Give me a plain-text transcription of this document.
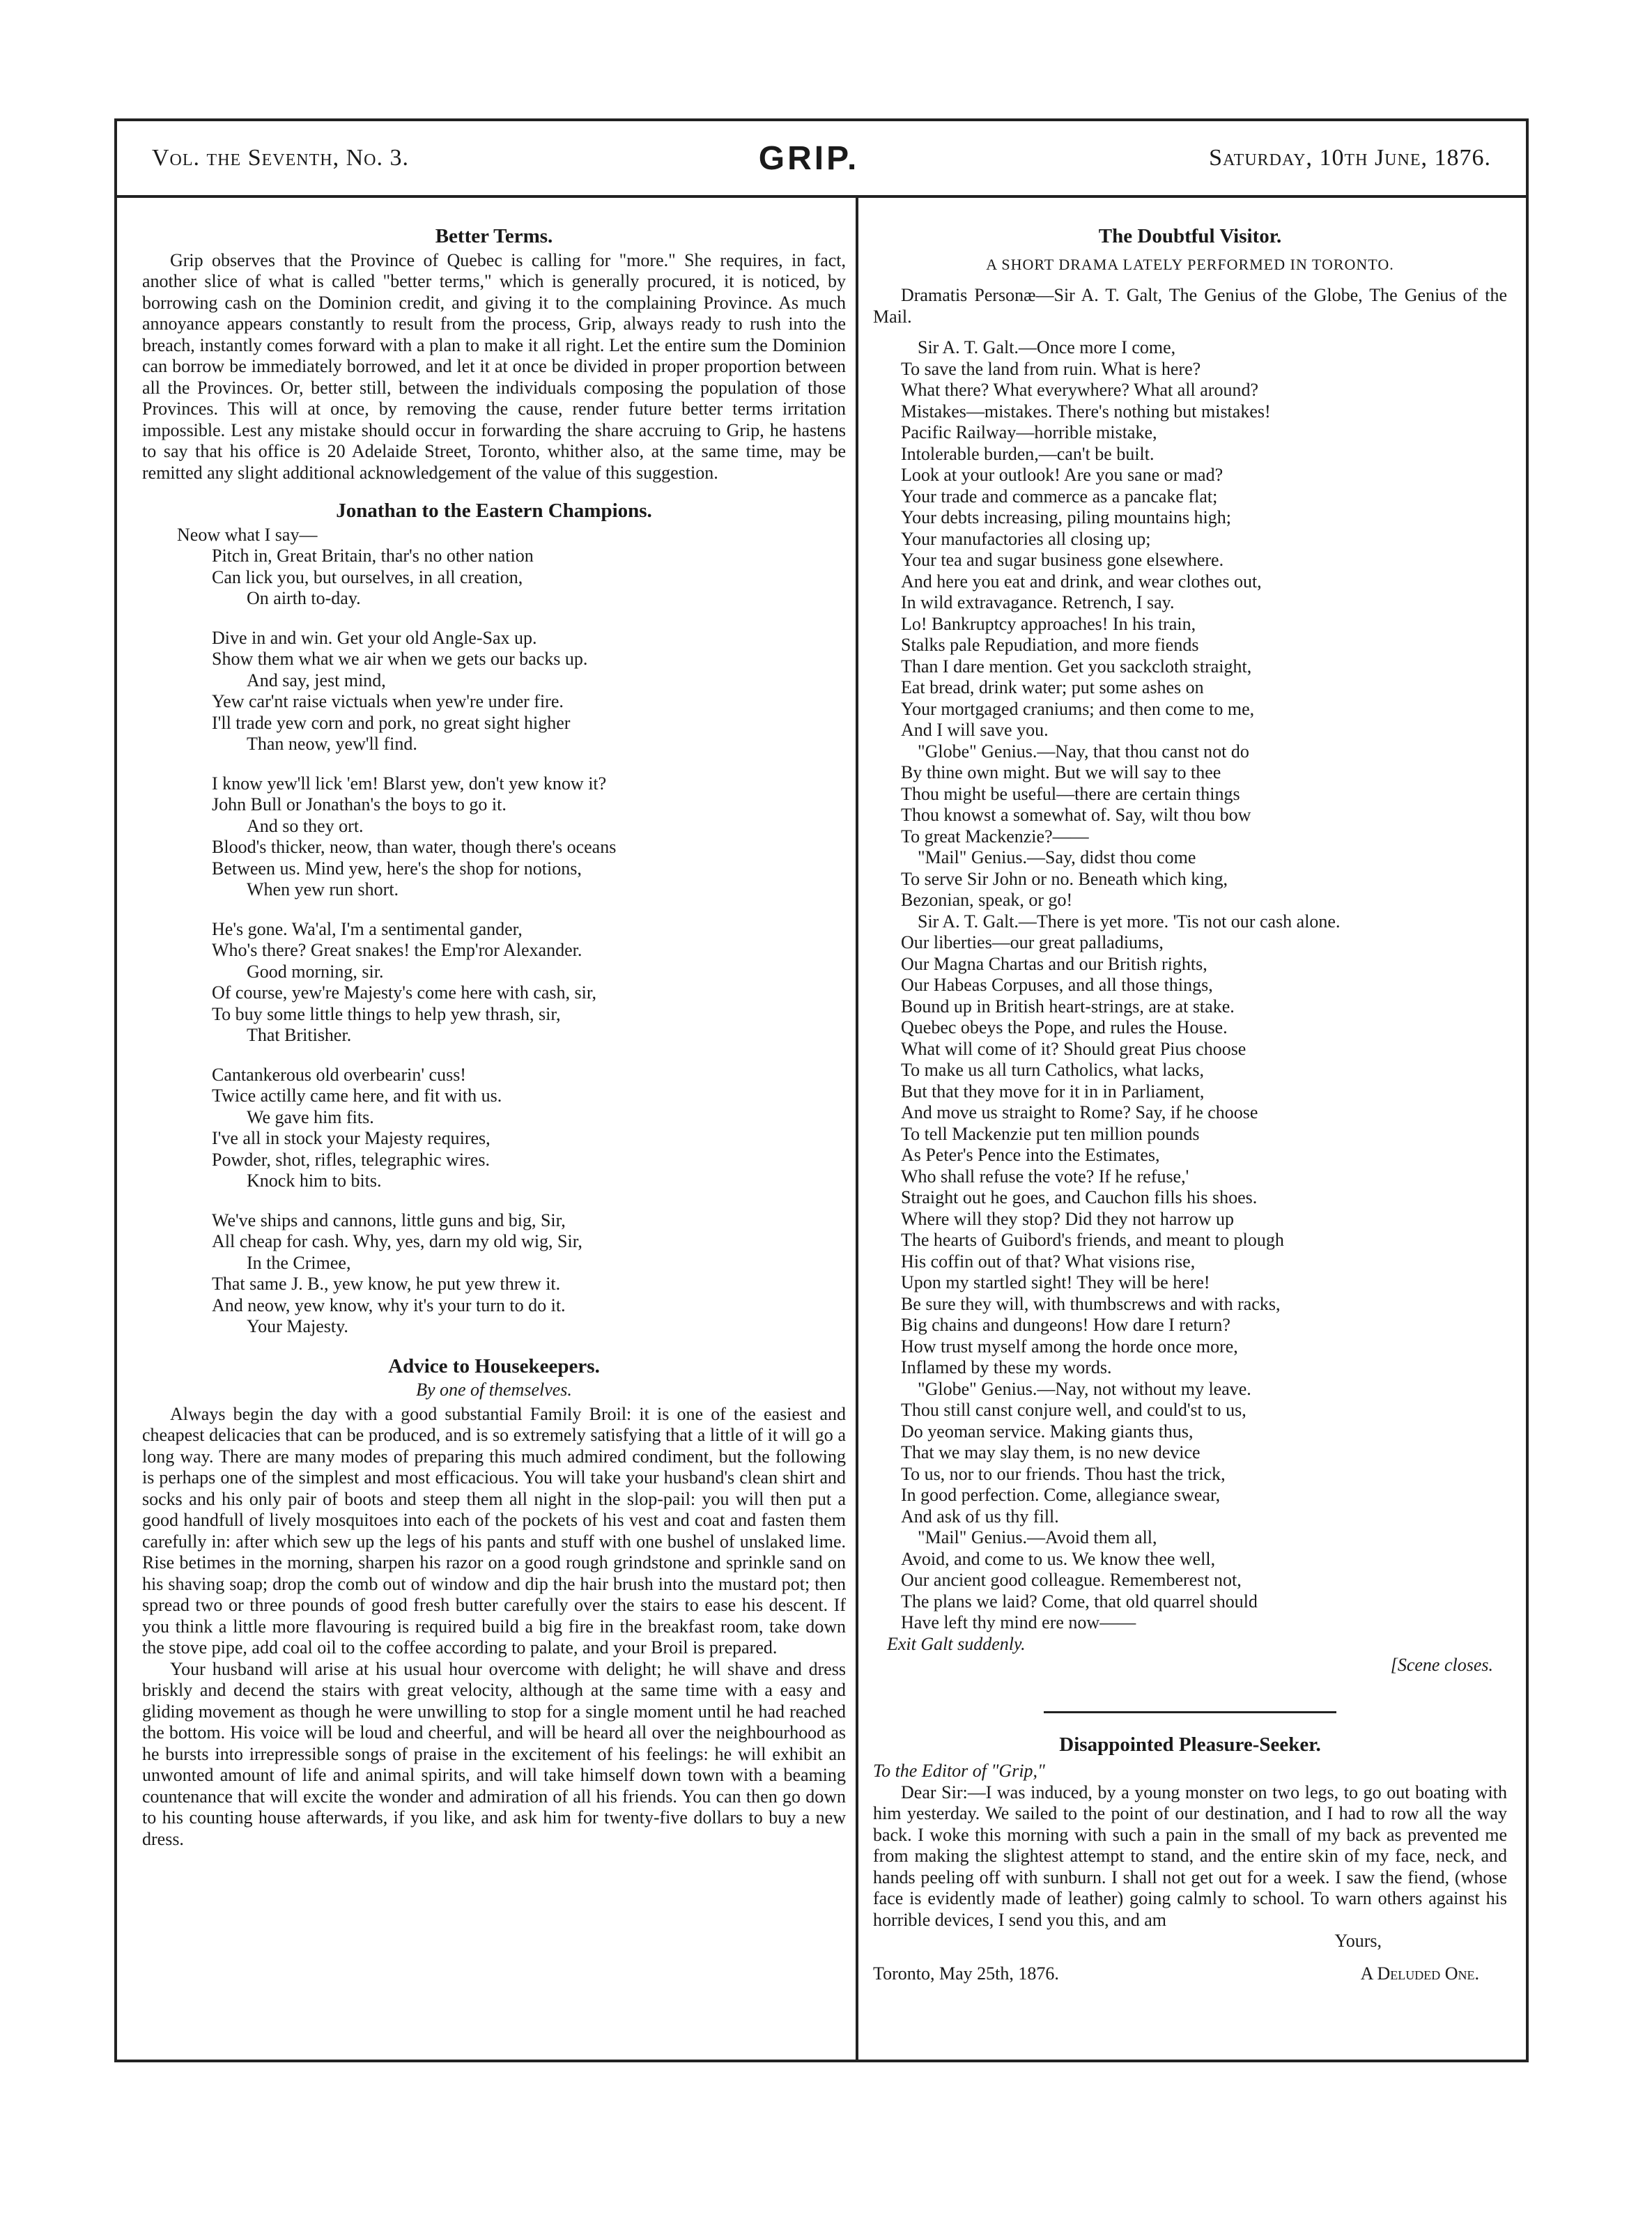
Vol. the Seventh, No. 3.	GRIP.	Saturday, 10th June, 1876.
Better Terms.

Grip observes that the Province of Quebec is calling for "more." She requires, in fact, another slice of what is called "better terms," which is generally procured, it is noticed, by borrowing cash on the Dominion credit, and giving it to the complaining Province. As much annoyance appears constantly to result from the process, Grip, always ready to rush into the breach, instantly comes forward with a plan to make it all right. Let the entire sum the Dominion can borrow be immediately borrowed, and let it at once be divided in proper proportion between all the Provinces. Or, better still, between the individuals composing the population of those Provinces. This will at once, by removing the cause, render future better terms irritation impossible. Lest any mistake should occur in forwarding the share accruing to Grip, he hastens to say that his office is 20 Adelaide Street, Toronto, whither also, at the same time, may be remitted any slight additional acknowledgement of the value of this suggestion.

Jonathan to the Eastern Champions.
Neow what I say—
Pitch in, Great Britain, thar's no other nation
Can lick you, but ourselves, in all creation,
On airth to-day.
Dive in and win. Get your old Angle-Sax up.
Show them what we air when we gets our backs up.
And say, jest mind,
Yew car'nt raise victuals when yew're under fire.
I'll trade yew corn and pork, no great sight higher
Than neow, yew'll find.
I know yew'll lick 'em! Blarst yew, don't yew know it?
John Bull or Jonathan's the boys to go it.
And so they ort.
Blood's thicker, neow, than water, though there's oceans
Between us. Mind yew, here's the shop for notions,
When yew run short.
He's gone. Wa'al, I'm a sentimental gander,
Who's there? Great snakes! the Emp'ror Alexander.
Good morning, sir.
Of course, yew're Majesty's come here with cash, sir,
To buy some little things to help yew thrash, sir,
That Britisher.
Cantankerous old overbearin' cuss!
Twice actilly came here, and fit with us.
We gave him fits.
I've all in stock your Majesty requires,
Powder, shot, rifles, telegraphic wires.
Knock him to bits.
We've ships and cannons, little guns and big, Sir,
All cheap for cash. Why, yes, darn my old wig, Sir,
In the Crimee,
That same J. B., yew know, he put yew threw it.
And neow, yew know, why it's your turn to do it.
Your Majesty.
Advice to Housekeepers.
By one of themselves.

Always begin the day with a good substantial Family Broil: it is one of the easiest and cheapest delicacies that can be produced, and is so extremely satisfying that a little of it will go a long way. There are many modes of preparing this much admired condiment, but the following is perhaps one of the simplest and most efficacious. You will take your husband's clean shirt and socks and his only pair of boots and steep them all night in the slop-pail: you will then put a good handfull of lively mosquitoes into each of the pockets of his vest and coat and fasten them carefully in: after which sew up the legs of his pants and stuff with one bushel of unslaked lime. Rise betimes in the morning, sharpen his razor on a good rough grindstone and sprinkle sand on his shaving soap; drop the comb out of window and dip the hair brush into the mustard pot; then spread two or three pounds of good fresh butter carefully over the stairs to ease his descent. If you think a little more flavouring is required build a big fire in the breakfast room, take down the stove pipe, add coal oil to the coffee according to palate, and your Broil is prepared.

Your husband will arise at his usual hour overcome with delight; he will shave and dress briskly and decend the stairs with great velocity, although at the same time with a easy and gliding movement as though he were unwilling to stop for a single moment until he had reached the bottom. His voice will be loud and cheerful, and will be heard all over the neighbourhood as he bursts into irrepressible songs of praise in the excitement of his feelings: he will exhibit an unwonted amount of life and animal spirits, and will take himself down town with a beaming countenance that will excite the wonder and admiration of all his friends. You can then go down to his counting house afterwards, if you like, and ask him for twenty-five dollars to buy a new dress.

The Doubtful Visitor.
A SHORT DRAMA LATELY PERFORMED IN TORONTO.

Dramatis Personæ—Sir A. T. Galt, The Genius of the Globe, The Genius of the Mail.

Sir A. T. Galt.—Once more I come,
To save the land from ruin. What is here?
What there? What everywhere? What all around?
Mistakes—mistakes. There's nothing but mistakes!
Pacific Railway—horrible mistake,
Intolerable burden,—can't be built.
Look at your outlook! Are you sane or mad?
Your trade and commerce as a pancake flat;
Your debts increasing, piling mountains high;
Your manufactories all closing up;
Your tea and sugar business gone elsewhere.
And here you eat and drink, and wear clothes out,
In wild extravagance. Retrench, I say.
Lo! Bankruptcy approaches! In his train,
Stalks pale Repudiation, and more fiends
Than I dare mention. Get you sackcloth straight,
Eat bread, drink water; put some ashes on
Your mortgaged craniums; and then come to me,
And I will save you.
"Globe" Genius.—Nay, that thou canst not do
By thine own might. But we will say to thee
Thou might be useful—there are certain things
Thou knowst a somewhat of. Say, wilt thou bow
To great Mackenzie?——
"Mail" Genius.—Say, didst thou come
To serve Sir John or no. Beneath which king,
Bezonian, speak, or go!
Sir A. T. Galt.—There is yet more. 'Tis not our cash alone.
Our liberties—our great palladiums,
Our Magna Chartas and our British rights,
Our Habeas Corpuses, and all those things,
Bound up in British heart-strings, are at stake.
Quebec obeys the Pope, and rules the House.
What will come of it? Should great Pius choose
To make us all turn Catholics, what lacks,
But that they move for it in in Parliament,
And move us straight to Rome? Say, if he choose
To tell Mackenzie put ten million pounds
As Peter's Pence into the Estimates,
Who shall refuse the vote? If he refuse,'
Straight out he goes, and Cauchon fills his shoes.
Where will they stop? Did they not harrow up
The hearts of Guibord's friends, and meant to plough
His coffin out of that? What visions rise,
Upon my startled sight! They will be here!
Be sure they will, with thumbscrews and with racks,
Big chains and dungeons! How dare I return?
How trust myself among the horde once more,
Inflamed by these my words.
"Globe" Genius.—Nay, not without my leave.
Thou still canst conjure well, and could'st to us,
Do yeoman service. Making giants thus,
That we may slay them, is no new device
To us, nor to our friends. Thou hast the trick,
In good perfection. Come, allegiance swear,
And ask of us thy fill.
"Mail" Genius.—Avoid them all,
Avoid, and come to us. We know thee well,
Our ancient good colleague. Rememberest not,
The plans we laid? Come, that old quarrel should
Have left thy mind ere now——
Exit Galt suddenly.
[Scene closes.
Disappointed Pleasure-Seeker.
To the Editor of "Grip,"

Dear Sir:—I was induced, by a young monster on two legs, to go out boating with him yesterday. We sailed to the point of our destination, and I had to row all the way back. I woke this morning with such a pain in the small of my back as prevented me from making the slightest attempt to stand, and the entire skin of my face, neck, and hands peeling off with sunburn. I shall not get out for a week. I saw the fiend, (whose face is evidently made of leather) going calmly to school. To warn others against his horrible devices, I send you this, and am

Yours,
Toronto, May 25th, 1876.	A Deluded One.
